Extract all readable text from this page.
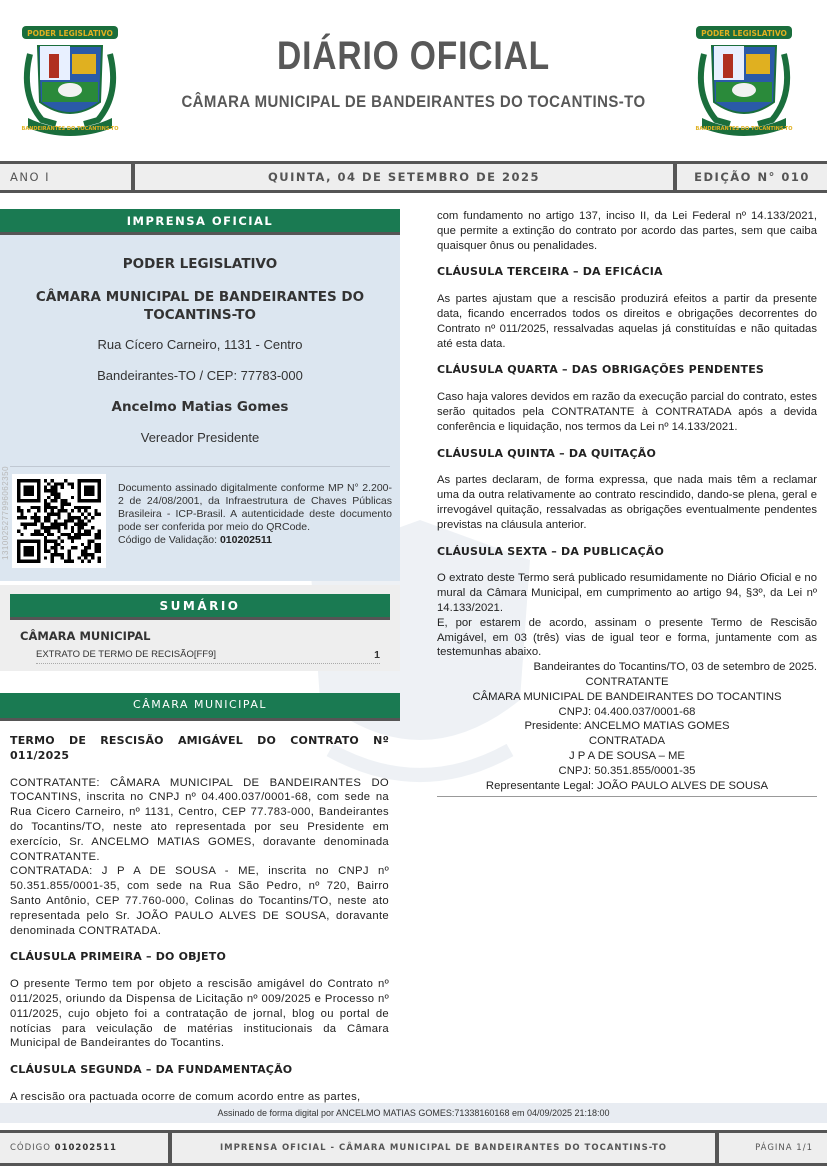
PODER LEGISLATIVO
BANDEIRANTES DO TOCANTINS-TO
DIÁRIO OFICIAL
CÂMARA MUNICIPAL DE BANDEIRANTES DO TOCANTINS-TO
PODER LEGISLATIVO
BANDEIRANTES DO TOCANTINS-TO
ANO I	QUINTA, 04 DE SETEMBRO DE 2025	EDIÇÃO N° 010
IMPRENSA OFICIAL
PODER LEGISLATIVO
CÂMARA MUNICIPAL DE BANDEIRANTES DO TOCANTINS-TO
Rua Cícero Carneiro, 1131 - Centro
Bandeirantes-TO / CEP: 77783-000
Ancelmo Matias Gomes
Vereador Presidente
Documento assinado digitalmente conforme MP N° 2.200- 2 de 24/08/2001, da Infraestrutura de Chaves Públicas Brasileira - ICP-Brasil. A autenticidade deste documento pode ser conferida por meio do QRCode.
Código de Validação: 010202511
1310025277996062350
SUMÁRIO
CÂMARA MUNICIPAL
EXTRATO DE TERMO DE RECISÃO[FF9]	1
CÂMARA MUNICIPAL
TERMO DE RESCISÃO AMIGÁVEL DO CONTRATO Nº 011/2025

CONTRATANTE: CÂMARA MUNICIPAL DE BANDEIRANTES DO TOCANTINS, inscrita no CNPJ nº 04.400.037/0001-68, com sede na Rua Cicero Carneiro, nº 1131, Centro, CEP 77.783-000, Bandeirantes do Tocantins/TO, neste ato representada por seu Presidente em exercício, Sr. ANCELMO MATIAS GOMES, doravante denominada CONTRATANTE.

CONTRATADA: J P A DE SOUSA - ME, inscrita no CNPJ nº 50.351.855/0001-35, com sede na Rua São Pedro, nº 720, Bairro Santo Antônio, CEP 77.760-000, Colinas do Tocantins/TO, neste ato representada pelo Sr. JOÃO PAULO ALVES DE SOUSA, doravante denominada CONTRATADA.

CLÁUSULA PRIMEIRA – DO OBJETO

O presente Termo tem por objeto a rescisão amigável do Contrato nº 011/2025, oriundo da Dispensa de Licitação nº 009/2025 e Processo nº 011/2025, cujo objeto foi a contratação de jornal, blog ou portal de notícias para veiculação de matérias institucionais da Câmara Municipal de Bandeirantes do Tocantins.

CLÁUSULA SEGUNDA – DA FUNDAMENTAÇÃO

A rescisão ora pactuada ocorre de comum acordo entre as partes,

com fundamento no artigo 137, inciso II, da Lei Federal nº 14.133/2021, que permite a extinção do contrato por acordo das partes, sem que caiba quaisquer ônus ou penalidades.

CLÁUSULA TERCEIRA – DA EFICÁCIA

As partes ajustam que a rescisão produzirá efeitos a partir da presente data, ficando encerrados todos os direitos e obrigações decorrentes do Contrato nº 011/2025, ressalvadas aquelas já constituídas e não quitadas até esta data.

CLÁUSULA QUARTA – DAS OBRIGAÇÕES PENDENTES

Caso haja valores devidos em razão da execução parcial do contrato, estes serão quitados pela CONTRATANTE à CONTRATADA após a devida conferência e liquidação, nos termos da Lei nº 14.133/2021.

CLÁUSULA QUINTA – DA QUITAÇÃO

As partes declaram, de forma expressa, que nada mais têm a reclamar uma da outra relativamente ao contrato rescindido, dando-se plena, geral e irrevogável quitação, ressalvadas as obrigações eventualmente pendentes previstas na cláusula anterior.

CLÁUSULA SEXTA – DA PUBLICAÇÃO

O extrato deste Termo será publicado resumidamente no Diário Oficial e no mural da Câmara Municipal, em cumprimento ao artigo 94, §3º, da Lei nº 14.133/2021.

E, por estarem de acordo, assinam o presente Termo de Rescisão Amigável, em 03 (três) vias de igual teor e forma, juntamente com as testemunhas abaixo.

Bandeirantes do Tocantins/TO, 03 de setembro de 2025.

CONTRATANTE

CÂMARA MUNICIPAL DE BANDEIRANTES DO TOCANTINS

CNPJ: 04.400.037/0001-68

Presidente: ANCELMO MATIAS GOMES

CONTRATADA

J P A DE SOUSA – ME

CNPJ: 50.351.855/0001-35

Representante Legal: JOÃO PAULO ALVES DE SOUSA

Assinado de forma digital por ANCELMO MATIAS GOMES:71338160168 em 04/09/2025 21:18:00
CÓDIGO 010202511	IMPRENSA OFICIAL - CÂMARA MUNICIPAL DE BANDEIRANTES DO TOCANTINS-TO	PÁGINA 1/1
